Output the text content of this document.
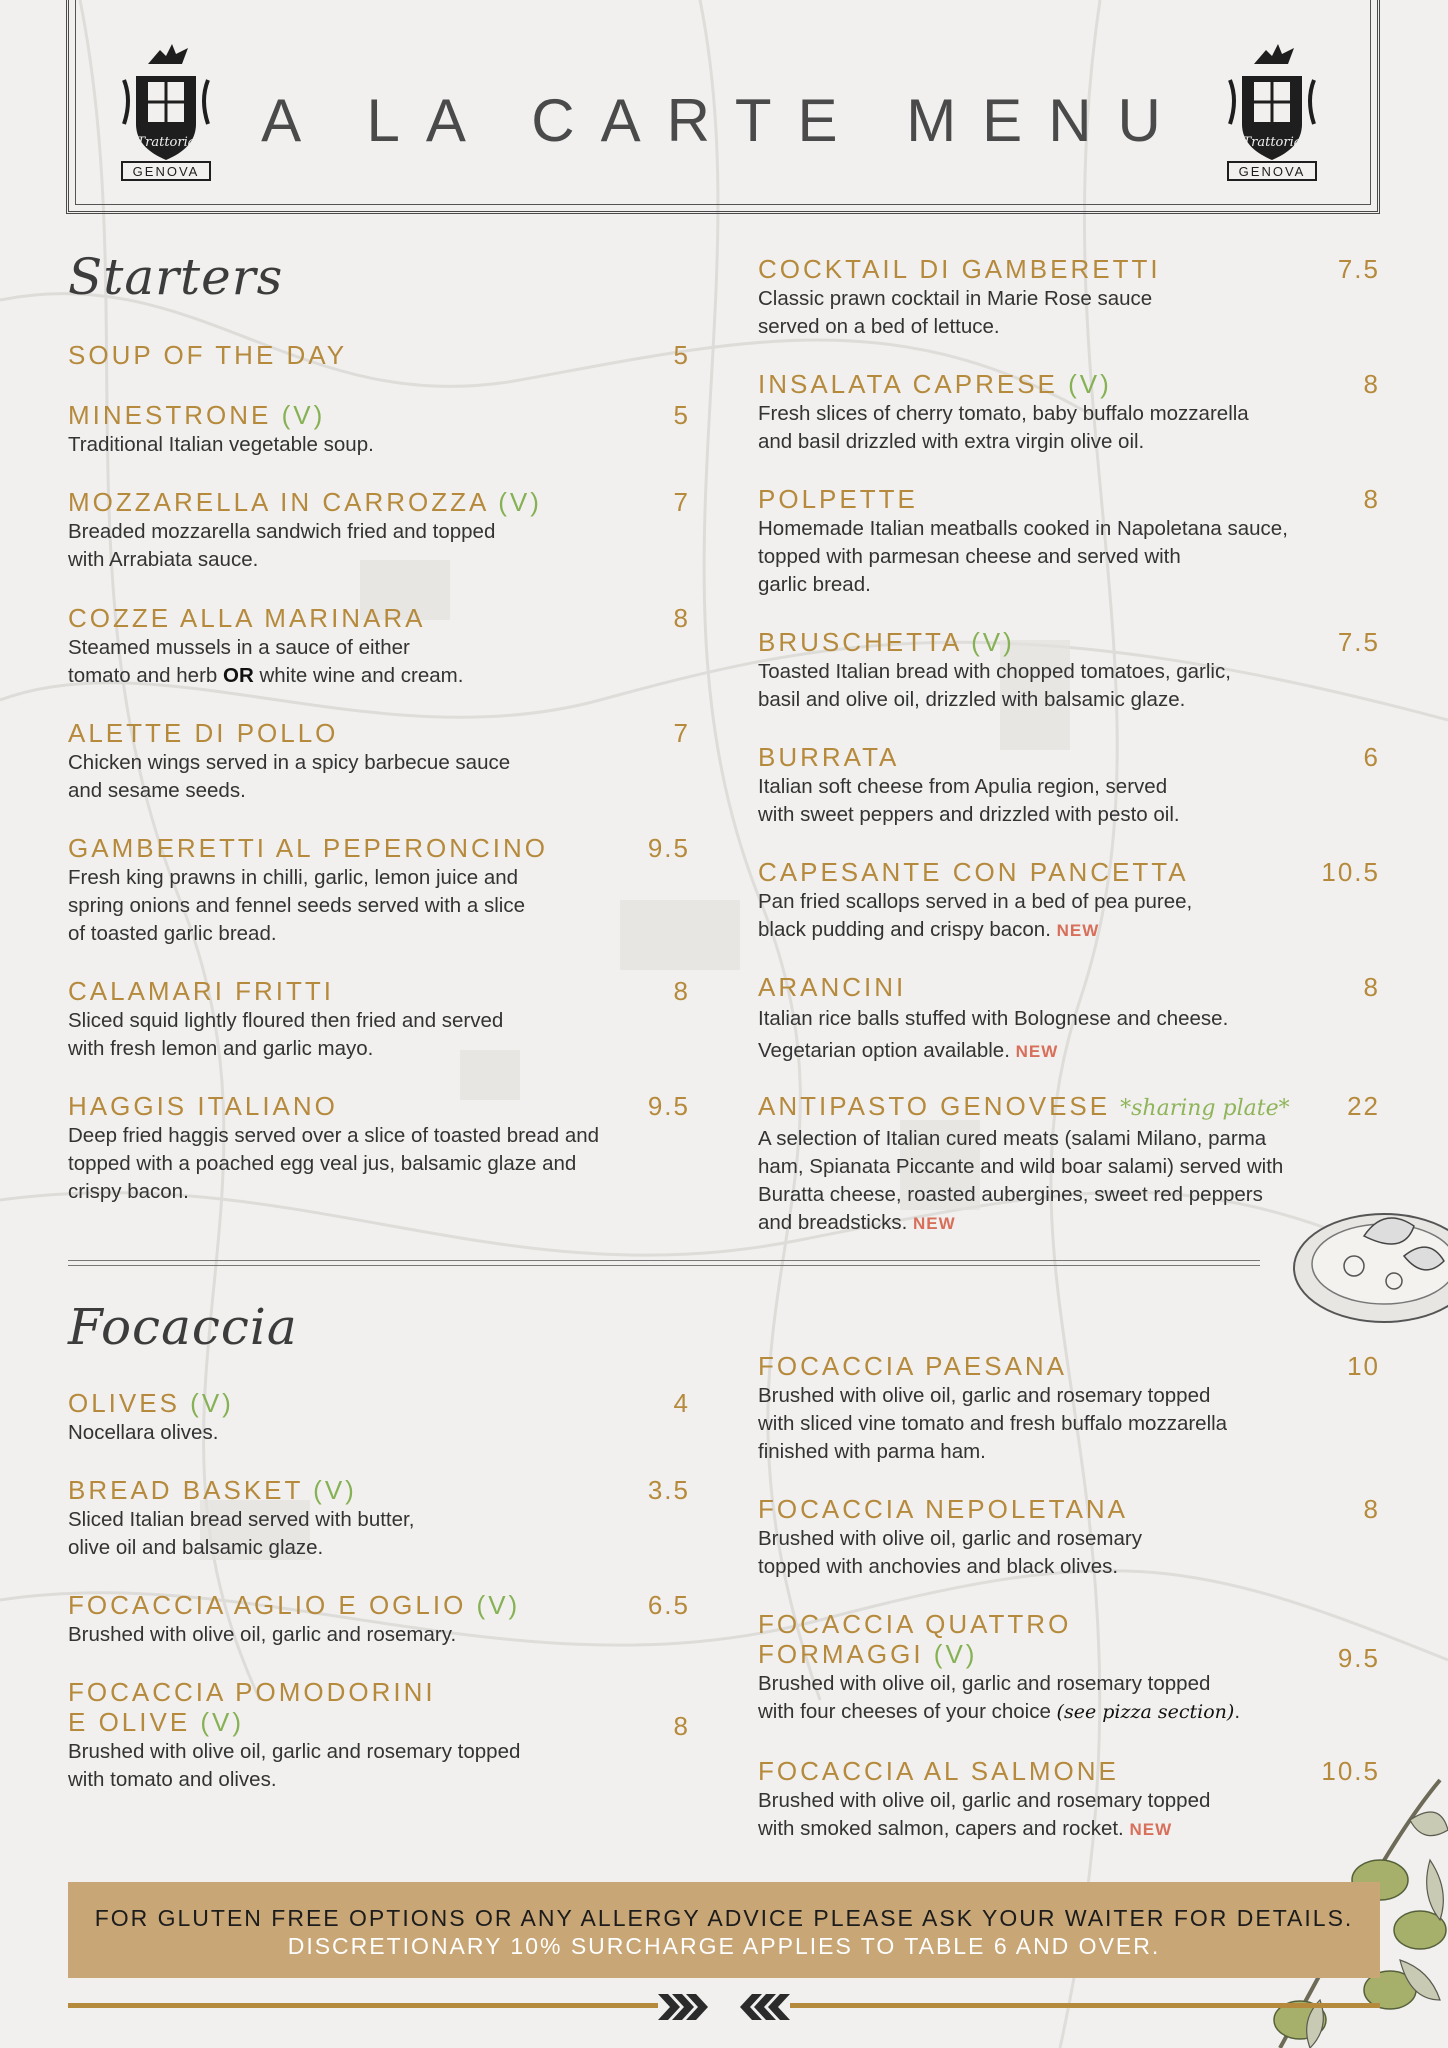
A LA CARTE MENU
Trattoria
GENOVA
Trattoria
GENOVA
Starters
SOUP OF THE DAY	5
MINESTRONE (V)	5
Traditional Italian vegetable soup.
MOZZARELLA IN CARROZZA (V)	7
Breaded mozzarella sandwich fried and topped
with Arrabiata sauce.
COZZE ALLA MARINARA	8
Steamed mussels in a sauce of either
tomato and herb OR white wine and cream.
ALETTE DI POLLO	7
Chicken wings served in a spicy barbecue sauce
and sesame seeds.
GAMBERETTI AL PEPERONCINO	9.5
Fresh king prawns in chilli, garlic, lemon juice and
spring onions and fennel seeds served with a slice
of toasted garlic bread.
CALAMARI FRITTI	8
Sliced squid lightly floured then fried and served
with fresh lemon and garlic mayo.
HAGGIS ITALIANO	9.5
Deep fried haggis served over a slice of toasted bread and
topped with a poached egg veal jus, balsamic glaze and
crispy bacon.
COCKTAIL DI GAMBERETTI	7.5
Classic prawn cocktail in Marie Rose sauce
served on a bed of lettuce.
INSALATA CAPRESE (V)	8
Fresh slices of cherry tomato, baby buffalo mozzarella
and basil drizzled with extra virgin olive oil.
POLPETTE	8
Homemade Italian meatballs cooked in Napoletana sauce,
topped with parmesan cheese and served with
garlic bread.
BRUSCHETTA (V)	7.5
Toasted Italian bread with chopped tomatoes, garlic,
basil and olive oil, drizzled with balsamic glaze.
BURRATA	6
Italian soft cheese from Apulia region, served
with sweet peppers and drizzled with pesto oil.
CAPESANTE CON PANCETTA	10.5
Pan fried scallops served in a bed of pea puree,
black pudding and crispy bacon. NEW
ARANCINI	8
Italian rice balls stuffed with Bolognese and cheese.
Vegetarian option available. NEW
ANTIPASTO GENOVESE *sharing plate*	22
A selection of Italian cured meats (salami Milano, parma
ham, Spianata Piccante and wild boar salami) served with
Buratta cheese, roasted aubergines, sweet red peppers
and breadsticks. NEW
Focaccia
OLIVES (V)	4
Nocellara olives.
BREAD BASKET (V)	3.5
Sliced Italian bread served with butter,
olive oil and balsamic glaze.
FOCACCIA AGLIO E OGLIO (V)	6.5
Brushed with olive oil, garlic and rosemary.
FOCACCIA POMODORINI
E OLIVE (V)	8
Brushed with olive oil, garlic and rosemary topped
with tomato and olives.
FOCACCIA PAESANA	10
Brushed with olive oil, garlic and rosemary topped
with sliced vine tomato and fresh buffalo mozzarella
finished with parma ham.
FOCACCIA NEPOLETANA	8
Brushed with olive oil, garlic and rosemary
topped with anchovies and black olives.
FOCACCIA QUATTRO
FORMAGGI (V)	9.5
Brushed with olive oil, garlic and rosemary topped
with four cheeses of your choice (see pizza section).
FOCACCIA AL SALMONE	10.5
Brushed with olive oil, garlic and rosemary topped
with smoked salmon, capers and rocket. NEW
FOR GLUTEN FREE OPTIONS OR ANY ALLERGY ADVICE PLEASE ASK YOUR WAITER FOR DETAILS.
DISCRETIONARY 10% SURCHARGE APPLIES TO TABLE 6 AND OVER.
